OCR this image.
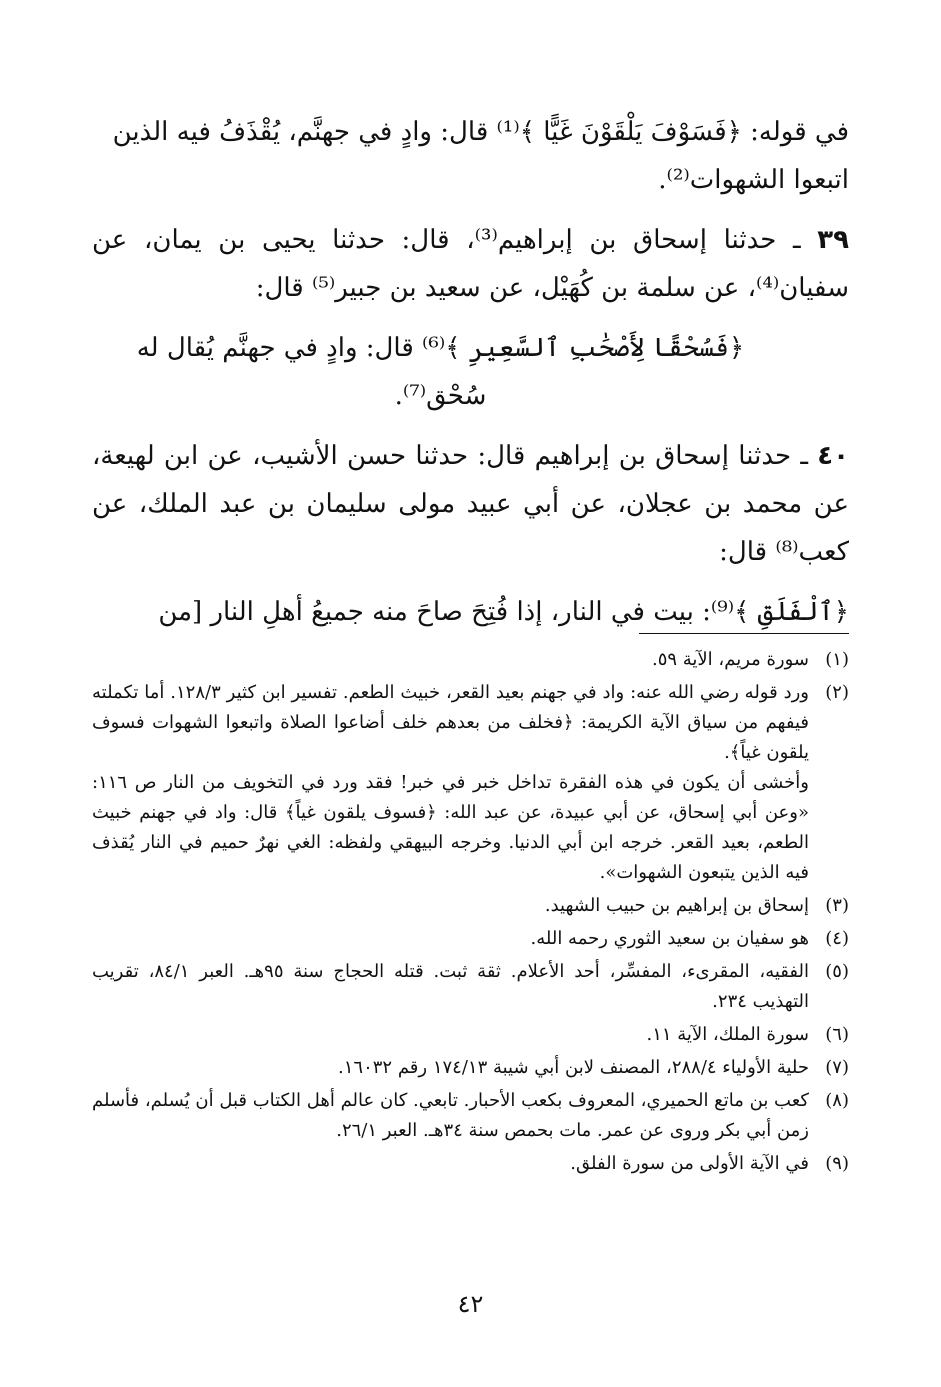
في قوله: ﴿فَسَوْفَ يَلْقَوْنَ غَيًّا ﴾⁽¹⁾ قال: وادٍ في جهنَّم، يُقْذَفُ فيه الذين
اتبعوا الشهوات⁽²⁾.

٣٩ ـ حدثنا إسحاق بن إبراهيم⁽³⁾، قال: حدثنا يحيى بن يمان، عن سفيان⁽⁴⁾، عن سلمة بن كُهَيْل، عن سعيد بن جبير⁽⁵⁾ قال:

﴿فَسُحْقًا لِأَصْحَٰبِ ٱلسَّعِيرِ ﴾⁽⁶⁾ قال: وادٍ في جهنَّم يُقال له سُحْق⁽⁷⁾.

٤٠ ـ حدثنا إسحاق بن إبراهيم قال: حدثنا حسن الأشيب، عن ابن لهيعة، عن محمد بن عجلان، عن أبي عبيد مولى سليمان بن عبد الملك، عن كعب⁽⁸⁾ قال:

﴿ٱلْفَلَقِ ﴾⁽⁹⁾: بيت في النار، إذا فُتِحَ صاحَ منه جميعُ أهلِ النار [من

(١)
سورة مريم، الآية ٥٩.
(٢)
ورد قوله رضي الله عنه: واد في جهنم بعيد القعر، خبيث الطعم. تفسير ابن كثير ١٢٨/٣. أما تكملته فيفهم من سياق الآية الكريمة: ﴿فخلف من بعدهم خلف أضاعوا الصلاة واتبعوا الشهوات فسوف يلقون غياً﴾.
وأخشى أن يكون في هذه الفقرة تداخل خبر في خبر! فقد ورد في التخويف من النار ص ١١٦: «وعن أبي إسحاق، عن أبي عبيدة، عن عبد الله: ﴿فسوف يلقون غياً﴾ قال: واد في جهنم خبيث الطعم، بعيد القعر. خرجه ابن أبي الدنيا. وخرجه البيهقي ولفظه: الغي نهرٌ حميم في النار يُقذف فيه الذين يتبعون الشهوات».
(٣)
إسحاق بن إبراهيم بن حبيب الشهيد.
(٤)
هو سفيان بن سعيد الثوري رحمه الله.
(٥)
الفقيه، المقرىء، المفسِّر، أحد الأعلام. ثقة ثبت. قتله الحجاج سنة ٩٥هـ. العبر ٨٤/١، تقريب التهذيب ٢٣٤.
(٦)
سورة الملك، الآية ١١.
(٧)
حلية الأولياء ٢٨٨/٤، المصنف لابن أبي شيبة ١٧٤/١٣ رقم ١٦٠٣٢.
(٨)
كعب بن ماتع الحميري، المعروف بكعب الأحبار. تابعي. كان عالم أهل الكتاب قبل أن يُسلم، فأسلم زمن أبي بكر وروى عن عمر. مات بحمص سنة ٣٤هـ. العبر ٢٦/١.
(٩)
في الآية الأولى من سورة الفلق.
٤٢
